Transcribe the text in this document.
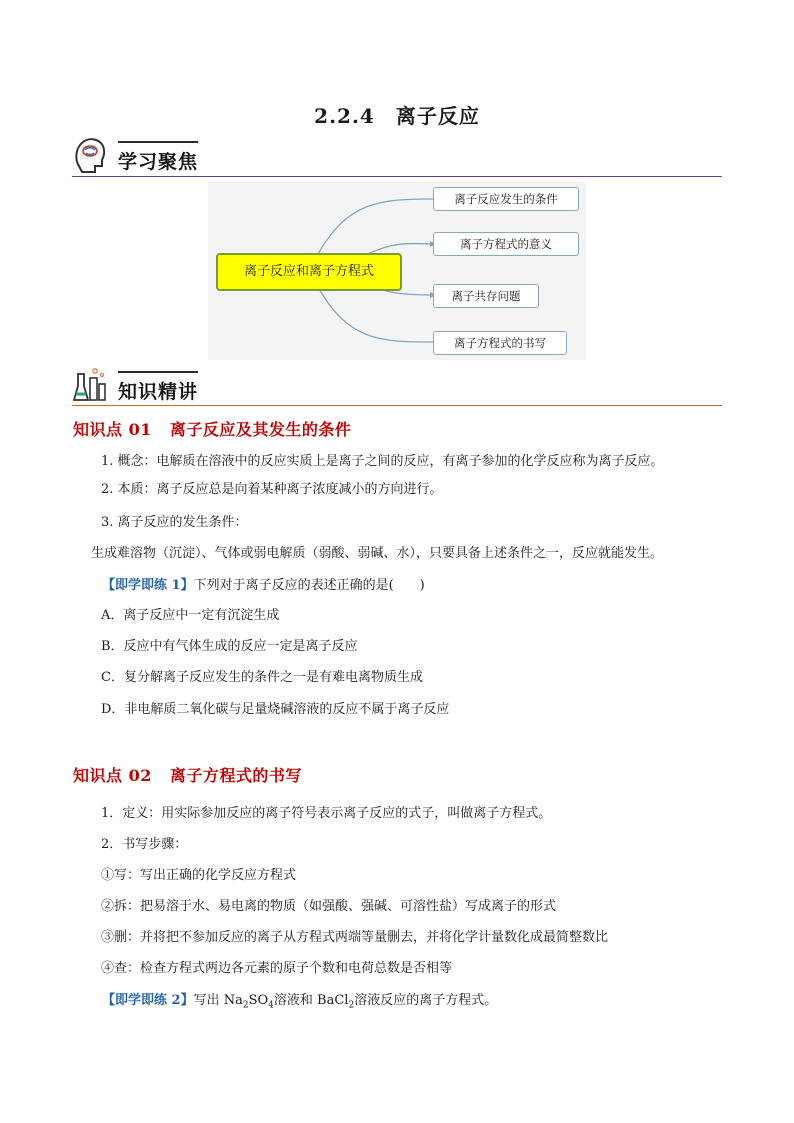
2.2.4　离子反应
学习聚焦
离子反应和离子方程式
离子反应发生的条件
离子方程式的意义
离子共存问题
离子方程式的书写
知识精讲
知识点 01 离子反应及其发生的条件
1. 概念：电解质在溶液中的反应实质上是离子之间的反应，有离子参加的化学反应称为离子反应。
2. 本质：离子反应总是向着某种离子浓度减小的方向进行。
3. 离子反应的发生条件：
生成难溶物（沉淀）、气体或弱电解质（弱酸、弱碱、水），只要具备上述条件之一，反应就能发生。
【即学即练 1】下列对于离子反应的表述正确的是(　　)
A．离子反应中一定有沉淀生成
B．反应中有气体生成的反应一定是离子反应
C．复分解离子反应发生的条件之一是有难电离物质生成
D．非电解质二氧化碳与足量烧碱溶液的反应不属于离子反应
知识点 02 离子方程式的书写
1．定义：用实际参加反应的离子符号表示离子反应的式子，叫做离子方程式。
2．书写步骤：
①写：写出正确的化学反应方程式
②拆：把易溶于水、易电离的物质（如强酸、强碱、可溶性盐）写成离子的形式
③删：并将把不参加反应的离子从方程式两端等量删去，并将化学计量数化成最简整数比
④查：检查方程式两边各元素的原子个数和电荷总数是否相等
【即学即练 2】写出 $Na_2SO_4$溶液和 BaCl$_2$溶液反应的离子方程式。
